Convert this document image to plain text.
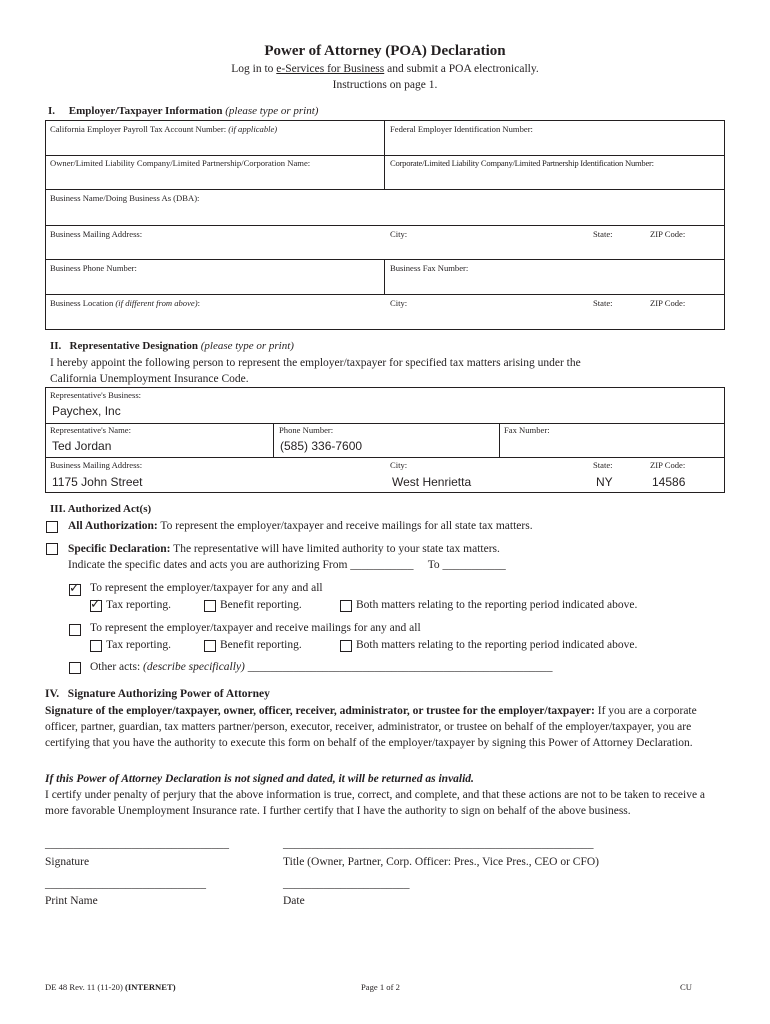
Power of Attorney (POA) Declaration
Log in to e-Services for Business and submit a POA electronically.
Instructions on page 1.
I.  Employer/Taxpayer Information (please type or print)
California Employer Payroll Tax Account Number: (if applicable)	Federal Employer Identification Number:
Owner/Limited Liability Company/Limited Partnership/Corporation Name:	Corporate/Limited Liability Company/Limited Partnership Identification Number:
Business Name/Doing Business As (DBA):
Business Mailing Address:	City:	State:	ZIP Code:
Business Phone Number:	Business Fax Number:
Business Location (if different from above):	City:	State:	ZIP Code:
II.  Representative Designation (please type or print)
I hereby appoint the following person to represent the employer/taxpayer for specified tax matters arising under the
California Unemployment Insurance Code.
Representative's Business:
Paychex, Inc
Representative's Name:
Ted Jordan
Phone Number:
(585) 336-7600
Fax Number:
Business Mailing Address:
1175 John Street
City:
West Henrietta
State:
NY
ZIP Code:
14586
III. Authorized Act(s)
All Authorization: To represent the employer/taxpayer and receive mailings for all state tax matters.
Specific Declaration: The representative will have limited authority to your state tax matters.
Indicate the specific dates and acts you are authorizing From ___________  To ___________
✓
To represent the employer/taxpayer for any and all
✓
Tax reporting.	Benefit reporting.	Both matters relating to the reporting period indicated above.
To represent the employer/taxpayer and receive mailings for any and all
Tax reporting.	Benefit reporting.	Both matters relating to the reporting period indicated above.
Other acts: (describe specifically) _____________________________________________________
IV.  Signature Authorizing Power of Attorney
Signature of the employer/taxpayer, owner, officer, receiver, administrator, or trustee for the employer/taxpayer: If you are a corporate officer, partner, guardian, tax matters partner/person, executor, receiver, administrator, or trustee on behalf of the employer/taxpayer, you are certifying that you have the authority to execute this form on behalf of the employer/taxpayer by signing this Power of Attorney Declaration.
If this Power of Attorney Declaration is not signed and dated, it will be returned as invalid.
I certify under penalty of perjury that the above information is true, correct, and complete, and that these actions are not to be taken to receive a more favorable Unemployment Insurance rate. I further certify that I have the authority to sign on behalf of the above business.
________________________________	______________________________________________________
Signature	Title (Owner, Partner, Corp. Officer: Pres., Vice Pres., CEO or CFO)
____________________________	______________________
Print Name	Date
DE 48 Rev. 11 (11-20) (INTERNET)	Page 1 of 2	CU
